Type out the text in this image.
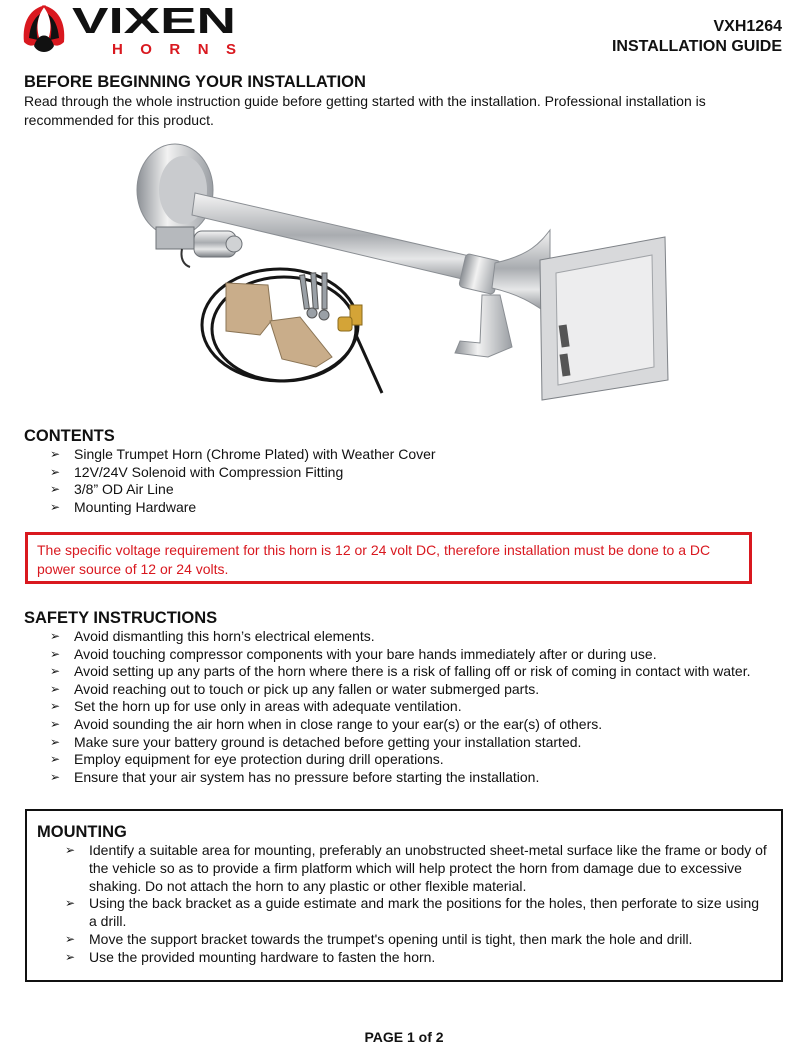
VIXEN
HORNS
VXH1264
INSTALLATION GUIDE
BEFORE BEGINNING YOUR INSTALLATION
Read through the whole instruction guide before getting started with the installation. Professional installation is recommended for this product.
CONTENTS
➢ Single Trumpet Horn (Chrome Plated) with Weather Cover
➢ 12V/24V Solenoid with Compression Fitting
➢ 3/8” OD Air Line
➢ Mounting Hardware
The specific voltage requirement for this horn is 12 or 24 volt DC, therefore installation must be done to a DC power source of 12 or 24 volts.
SAFETY INSTRUCTIONS
➢ Avoid dismantling this horn’s electrical elements.
➢ Avoid touching compressor components with your bare hands immediately after or during use.
➢ Avoid setting up any parts of the horn where there is a risk of falling off or risk of coming in contact with water.
➢ Avoid reaching out to touch or pick up any fallen or water submerged parts.
➢ Set the horn up for use only in areas with adequate ventilation.
➢ Avoid sounding the air horn when in close range to your ear(s) or the ear(s) of others.
➢ Make sure your battery ground is detached before getting your installation started.
➢ Employ equipment for eye protection during drill operations.
➢ Ensure that your air system has no pressure before starting the installation.
MOUNTING
➢ Identify a suitable area for mounting, preferably an unobstructed sheet-metal surface like the frame or body of the vehicle so as to provide a firm platform which will help protect the horn from damage due to excessive shaking. Do not attach the horn to any plastic or other flexible material.
➢ Using the back bracket as a guide estimate and mark the positions for the holes, then perforate to size using a drill.
➢ Move the support bracket towards the trumpet's opening until is tight, then mark the hole and drill.
➢ Use the provided mounting hardware to fasten the horn.
PAGE 1 of 2
